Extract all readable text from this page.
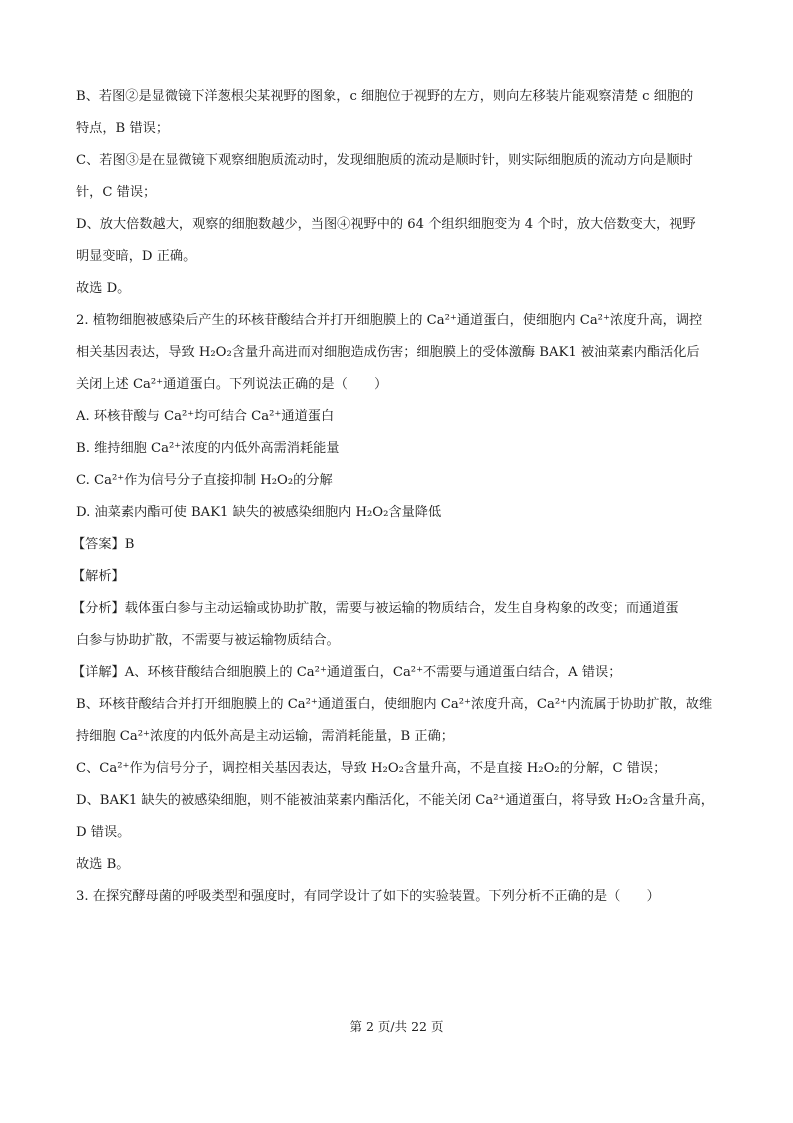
B、若图②是显微镜下洋葱根尖某视野的图象，c 细胞位于视野的左方，则向左移装片能观察清楚 c 细胞的
特点，B 错误；
C、若图③是在显微镜下观察细胞质流动时，发现细胞质的流动是顺时针，则实际细胞质的流动方向是顺时
针，C 错误；
D、放大倍数越大，观察的细胞数越少，当图④视野中的 64 个组织细胞变为 4 个时，放大倍数变大，视野
明显变暗，D 正确。
故选 D。
2. 植物细胞被感染后产生的环核苷酸结合并打开细胞膜上的 Ca²⁺通道蛋白，使细胞内 Ca²⁺浓度升高，调控
相关基因表达，导致 H₂O₂含量升高进而对细胞造成伤害；细胞膜上的受体激酶 BAK1 被油菜素内酯活化后
关闭上述 Ca²⁺通道蛋白。下列说法正确的是（　　）
A. 环核苷酸与 Ca²⁺均可结合 Ca²⁺通道蛋白
B. 维持细胞 Ca²⁺浓度的内低外高需消耗能量
C. Ca²⁺作为信号分子直接抑制 H₂O₂的分解
D. 油菜素内酯可使 BAK1 缺失的被感染细胞内 H₂O₂含量降低
【答案】B
【解析】
【分析】载体蛋白参与主动运输或协助扩散，需要与被运输的物质结合，发生自身构象的改变；而通道蛋
白参与协助扩散，不需要与被运输物质结合。
【详解】A、环核苷酸结合细胞膜上的 Ca²⁺通道蛋白，Ca²⁺不需要与通道蛋白结合，A 错误；
B、环核苷酸结合并打开细胞膜上的 Ca²⁺通道蛋白，使细胞内 Ca²⁺浓度升高，Ca²⁺内流属于协助扩散，故维
持细胞 Ca²⁺浓度的内低外高是主动运输，需消耗能量，B 正确；
C、Ca²⁺作为信号分子，调控相关基因表达，导致 H₂O₂含量升高，不是直接 H₂O₂的分解，C 错误；
D、BAK1 缺失的被感染细胞，则不能被油菜素内酯活化，不能关闭 Ca²⁺通道蛋白，将导致 H₂O₂含量升高，
D 错误。
故选 B。
3. 在探究酵母菌的呼吸类型和强度时，有同学设计了如下的实验装置。下列分析不正确的是（　　）
第 2 页/共 22 页
